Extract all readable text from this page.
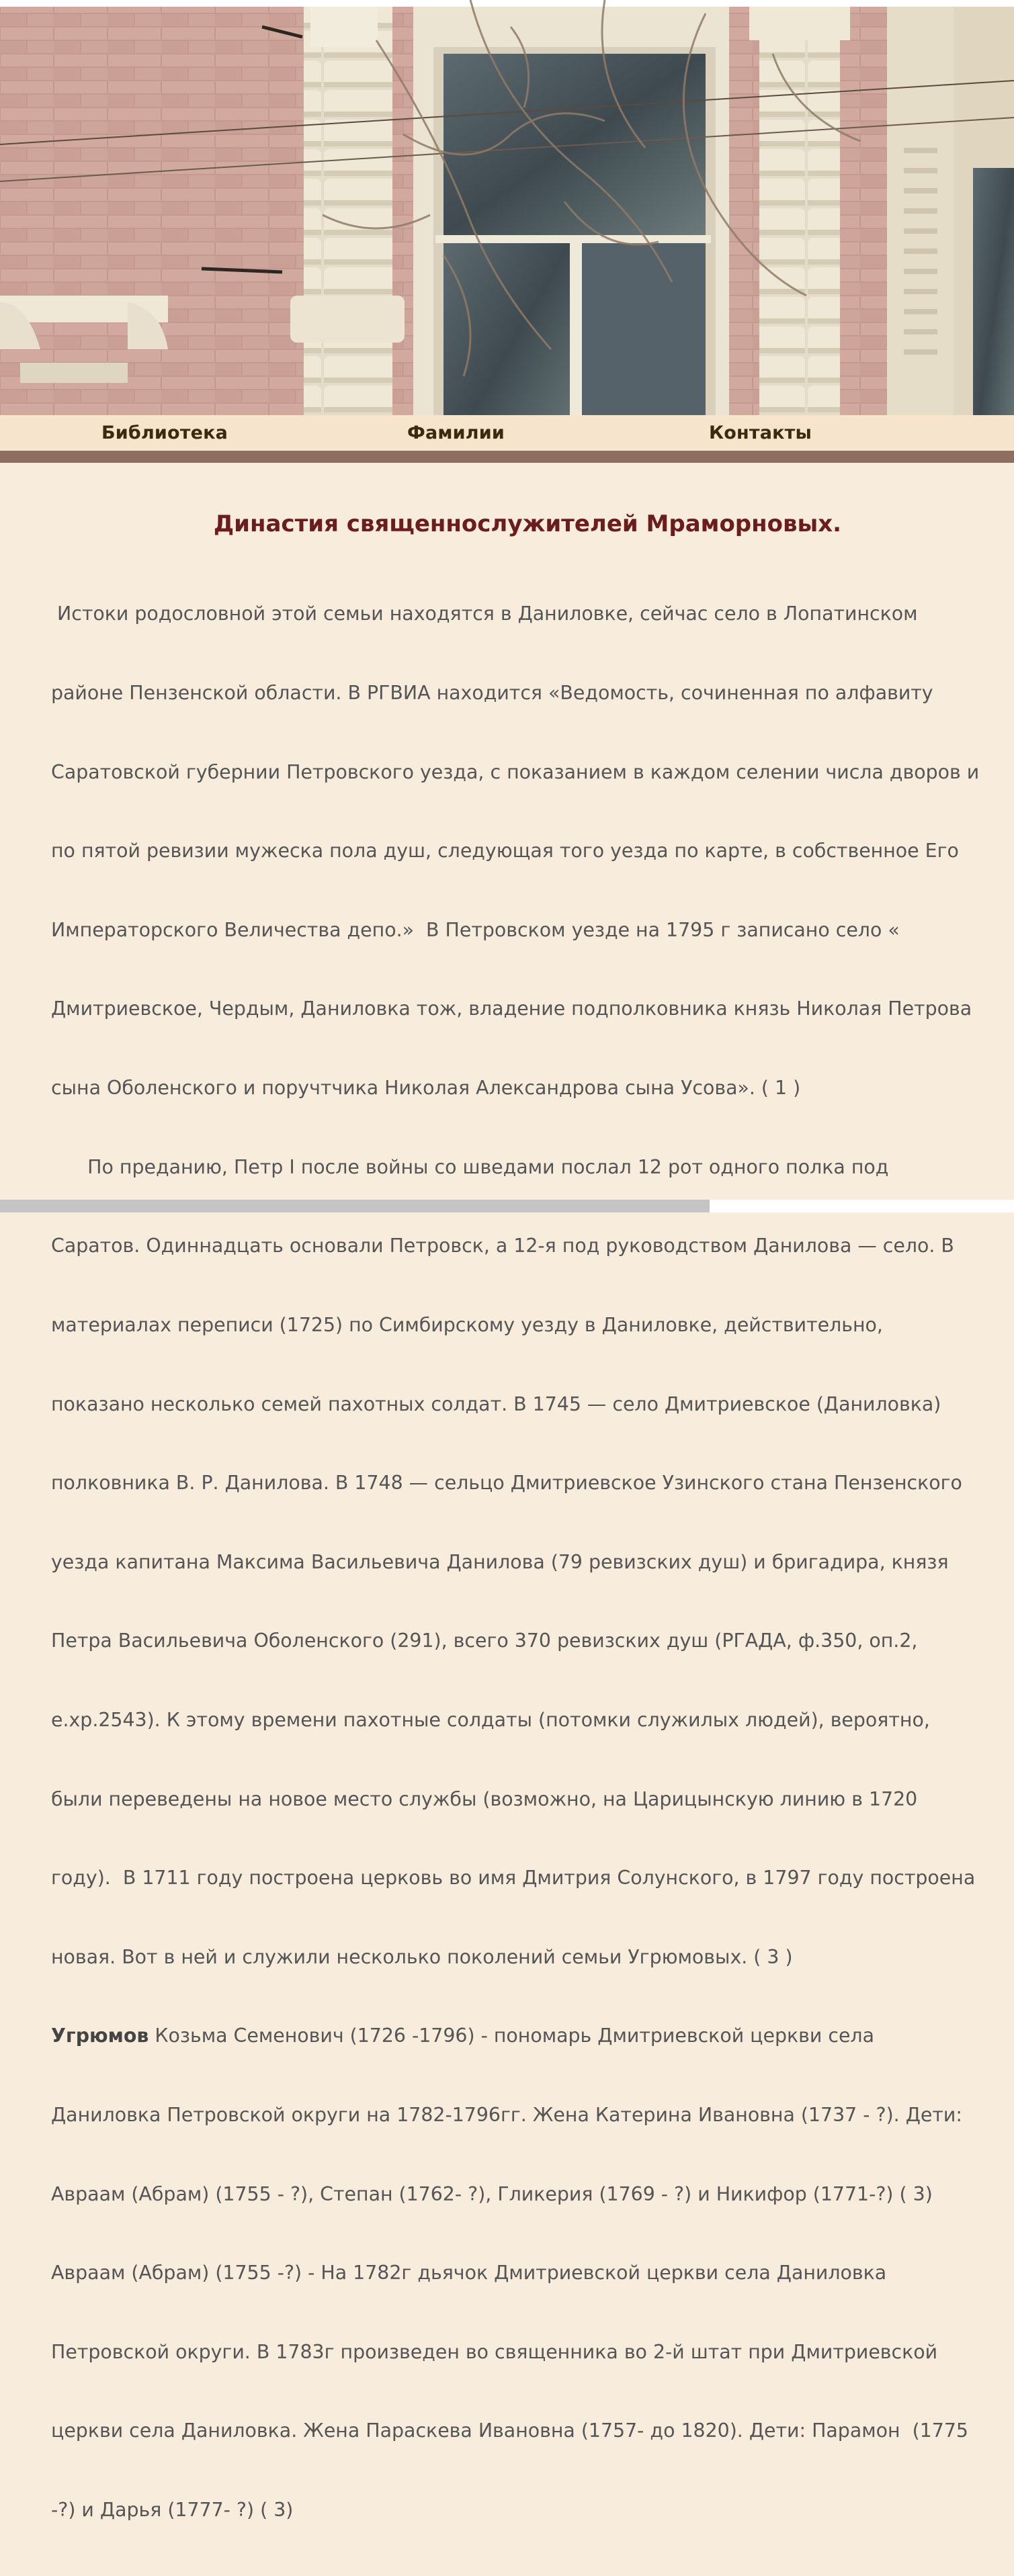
Библиотека	Фамилии	Контакты
Династия священнослужителей Мраморновых.

Истоки родословной этой семьи находятся в Даниловке, сейчас село в Лопатинском

районе Пензенской области. В РГВИА находится «Ведомость, сочиненная по алфавиту

Саратовской губернии Петровского уезда, с показанием в каждом селении числа дворов и

по пятой ревизии мужеска пола душ, следующая того уезда по карте, в собственное Его

Императорского Величества депо.»  В Петровском уезде на 1795 г записано село «

Дмитриевское, Чердым, Даниловка тож, владение подполковника князь Николая Петрова

сына Оболенского и поручтчика Николая Александрова сына Усова». ( 1 )

По преданию, Петр I после войны со шведами послал 12 рот одного полка под

Саратов. Одиннадцать основали Петровск, а 12-я под руководством Данилова — село. В

материалах переписи (1725) по Симбирскому уезду в Даниловке, действительно,

показано несколько семей пахотных солдат. В 1745 — село Дмитриевское (Даниловка)

полковника В. Р. Данилова. В 1748 — сельцо Дмитриевское Узинского стана Пензенского

уезда капитана Максима Васильевича Данилова (79 ревизских душ) и бригадира, князя

Петра Васильевича Оболенского (291), всего 370 ревизских душ (РГАДА, ф.350, оп.2,

е.хр.2543). К этому времени пахотные солдаты (потомки служилых людей), вероятно,

были переведены на новое место службы (возможно, на Царицынскую линию в 1720

году).  В 1711 году построена церковь во имя Дмитрия Солунского, в 1797 году построена

новая. Вот в ней и служили несколько поколений семьи Угрюмовых. ( 3 )

Угрюмов Козьма Семенович (1726 -1796) - пономарь Дмитриевской церкви села

Даниловка Петровской округи на 1782-1796гг. Жена Катерина Ивановна (1737 - ?). Дети:

Авраам (Абрам) (1755 - ?), Степан (1762- ?), Гликерия (1769 - ?) и Никифор (1771-?) ( 3)

Авраам (Абрам) (1755 -?) - На 1782г дьячок Дмитриевской церкви села Даниловка

Петровской округи. В 1783г произведен во священника во 2-й штат при Дмитриевской

церкви села Даниловка. Жена Параскева Ивановна (1757- до 1820). Дети: Парамон  (1775

-?) и Дарья (1777- ?) ( 3)
